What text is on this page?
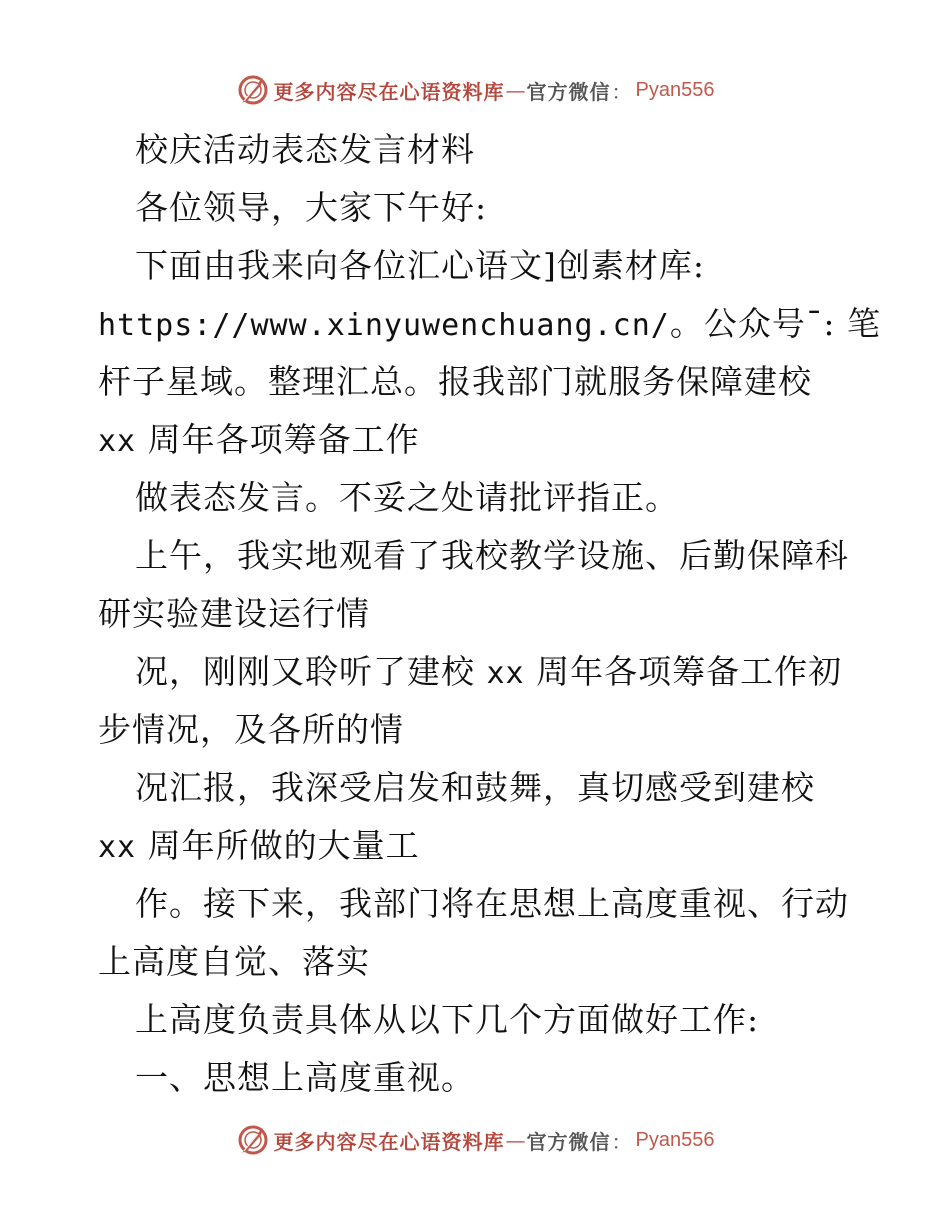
更多内容尽在心语资料库 — 官方微信 ： Pyan556
校庆活动表态发言材料
各位领导，大家下午好:
下面由我来向各位汇心语文]创素材库:
https://www.xinyuwenchuang.cn/。公众号¯: 笔
杆子星域。整理汇总。报我部门就服务保障建校
xx 周年各项筹备工作
做表态发言。不妥之处请批评指正。
上午，我实地观看了我校教学设施、后勤保障科
研实验建设运行情
况，刚刚又聆听了建校 xx 周年各项筹备工作初
步情况，及各所的情
况汇报，我深受启发和鼓舞，真切感受到建校
xx 周年所做的大量工
作。接下来，我部门将在思想上高度重视、行动
上高度自觉、落实
上高度负责具体从以下几个方面做好工作:
一、思想上高度重视。
更多内容尽在心语资料库 — 官方微信 ： Pyan556
